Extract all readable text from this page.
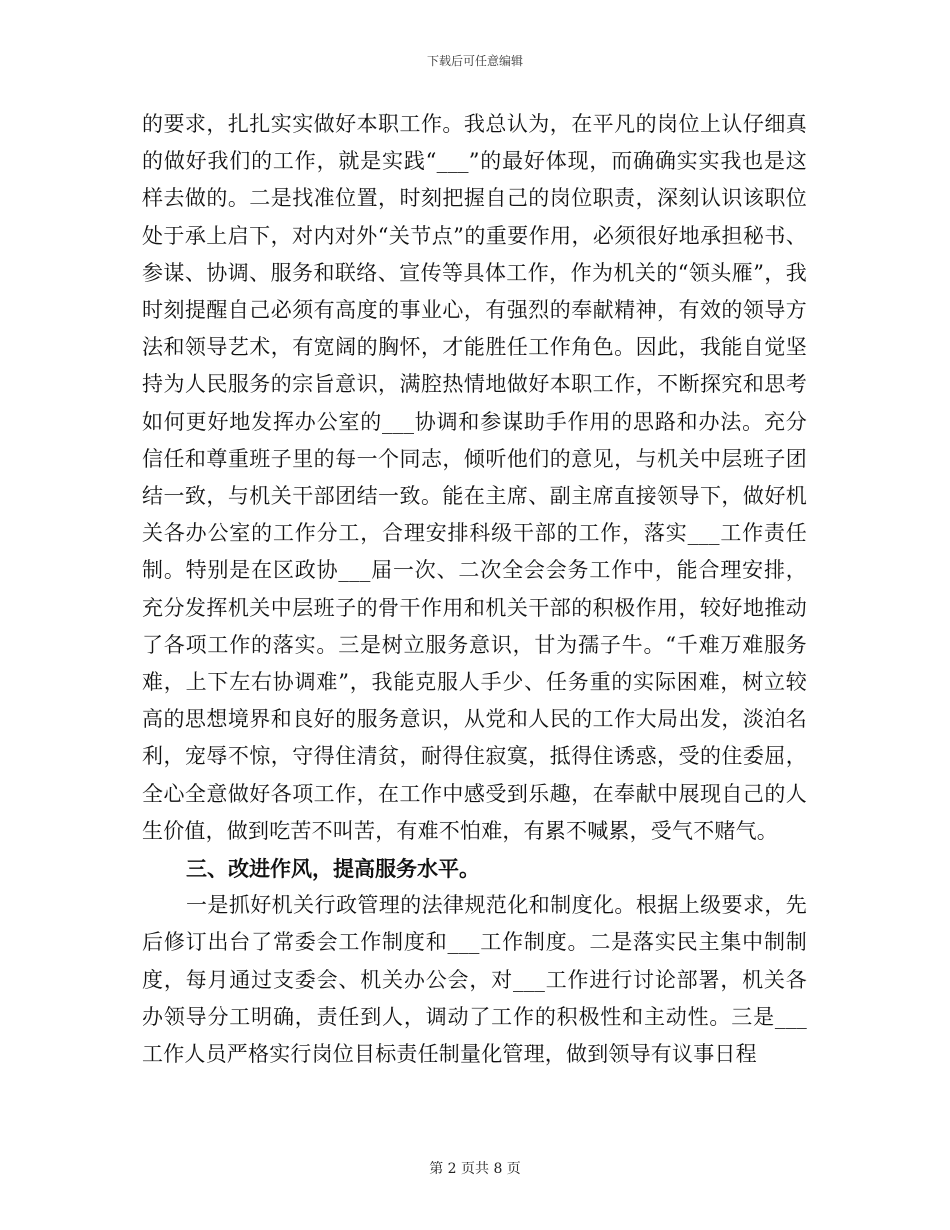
下载后可任意编辑

的要求，扎扎实实做好本职工作。我总认为，在平凡的岗位上认仔细真的做好我们的工作，就是实践“___”的最好体现，而确确实实我也是这样去做的。二是找准位置，时刻把握自己的岗位职责，深刻认识该职位处于承上启下，对内对外“关节点”的重要作用，必须很好地承担秘书、参谋、协调、服务和联络、宣传等具体工作，作为机关的“领头雁”，我时刻提醒自己必须有高度的事业心，有强烈的奉献精神，有效的领导方法和领导艺术，有宽阔的胸怀，才能胜任工作角色。因此，我能自觉坚持为人民服务的宗旨意识，满腔热情地做好本职工作，不断探究和思考如何更好地发挥办公室的___协调和参谋助手作用的思路和办法。充分信任和尊重班子里的每一个同志，倾听他们的意见，与机关中层班子团结一致，与机关干部团结一致。能在主席、副主席直接领导下，做好机关各办公室的工作分工，合理安排科级干部的工作，落实___工作责任制。特别是在区政协___届一次、二次全会会务工作中，能合理安排，充分发挥机关中层班子的骨干作用和机关干部的积极作用，较好地推动了各项工作的落实。三是树立服务意识，甘为孺子牛。“千难万难服务难，上下左右协调难”，我能克服人手少、任务重的实际困难，树立较高的思想境界和良好的服务意识，从党和人民的工作大局出发，淡泊名利，宠辱不惊，守得住清贫，耐得住寂寞，抵得住诱惑，受的住委屈，全心全意做好各项工作，在工作中感受到乐趣，在奉献中展现自己的人生价值，做到吃苦不叫苦，有难不怕难，有累不喊累，受气不赌气。

三、改进作风，提高服务水平。

一是抓好机关行政管理的法律规范化和制度化。根据上级要求，先后修订出台了常委会工作制度和___工作制度。二是落实民主集中制制度，每月通过支委会、机关办公会，对___工作进行讨论部署，机关各办领导分工明确，责任到人，调动了工作的积极性和主动性。三是___工作人员严格实行岗位目标责任制量化管理，做到领导有议事日程

第 2 页共 8 页
